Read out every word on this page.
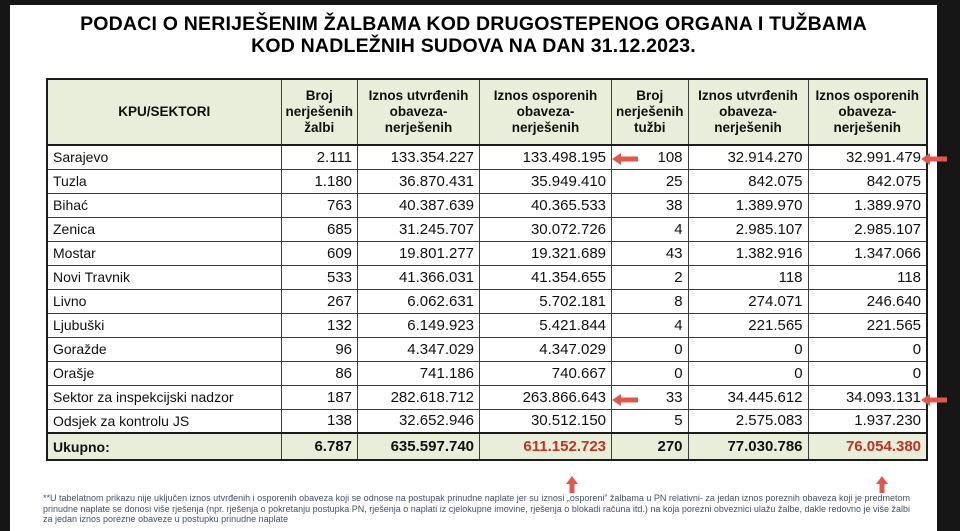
PODACI O NERIJEŠENIM ŽALBAMA KOD DRUGOSTEPENOG ORGANA I TUŽBAMA
KOD NADLEŽNIH SUDOVA NA DAN 31.12.2023.
KPU/SEKTORI	Broj nerješenih žalbi	Iznos utvrđenih obaveza-nerješenih	Iznos osporenih obaveza-nerješenih	Broj nerješenih tužbi	Iznos utvrđenih obaveza-nerješenih	Iznos osporenih obaveza-nerješenih
Sarajevo	2.111	133.354.227	133.498.195	108	32.914.270	32.991.479
Tuzla	1.180	36.870.431	35.949.410	25	842.075	842.075
Bihać	763	40.387.639	40.365.533	38	1.389.970	1.389.970
Zenica	685	31.245.707	30.072.726	4	2.985.107	2.985.107
Mostar	609	19.801.277	19.321.689	43	1.382.916	1.347.066
Novi Travnik	533	41.366.031	41.354.655	2	118	118
Livno	267	6.062.631	5.702.181	8	274.071	246.640
Ljubuški	132	6.149.923	5.421.844	4	221.565	221.565
Goražde	96	4.347.029	4.347.029	0	0	0
Orašje	86	741.186	740.667	0	0	0
Sektor za inspekcijski nadzor	187	282.618.712	263.866.643	33	34.445.612	34.093.131
Odsjek za kontrolu JS	138	32.652.946	30.512.150	5	2.575.083	1.937.230
Ukupno:	6.787	635.597.740	611.152.723	270	77.030.786	76.054.380
**U tabelatnom prikazu nije uključen iznos utvrđenih i osporenih obaveza koji se odnose na postupak prinudne naplate jer su iznosi „osporeni” žalbama u PN relativni- za jedan iznos poreznih obaveza koji je predmetom
prinudne naplate se donosi više rješenja (npr. rješenja o pokretanju postupka PN, rješenja o naplati iz cjelokupne imovine, rješenja o blokadi računa itd.) na koja porezni obveznici ulažu žalbe, dakle redovno je više žalbi
za jedan iznos porezne obaveze u postupku prinudne naplate
